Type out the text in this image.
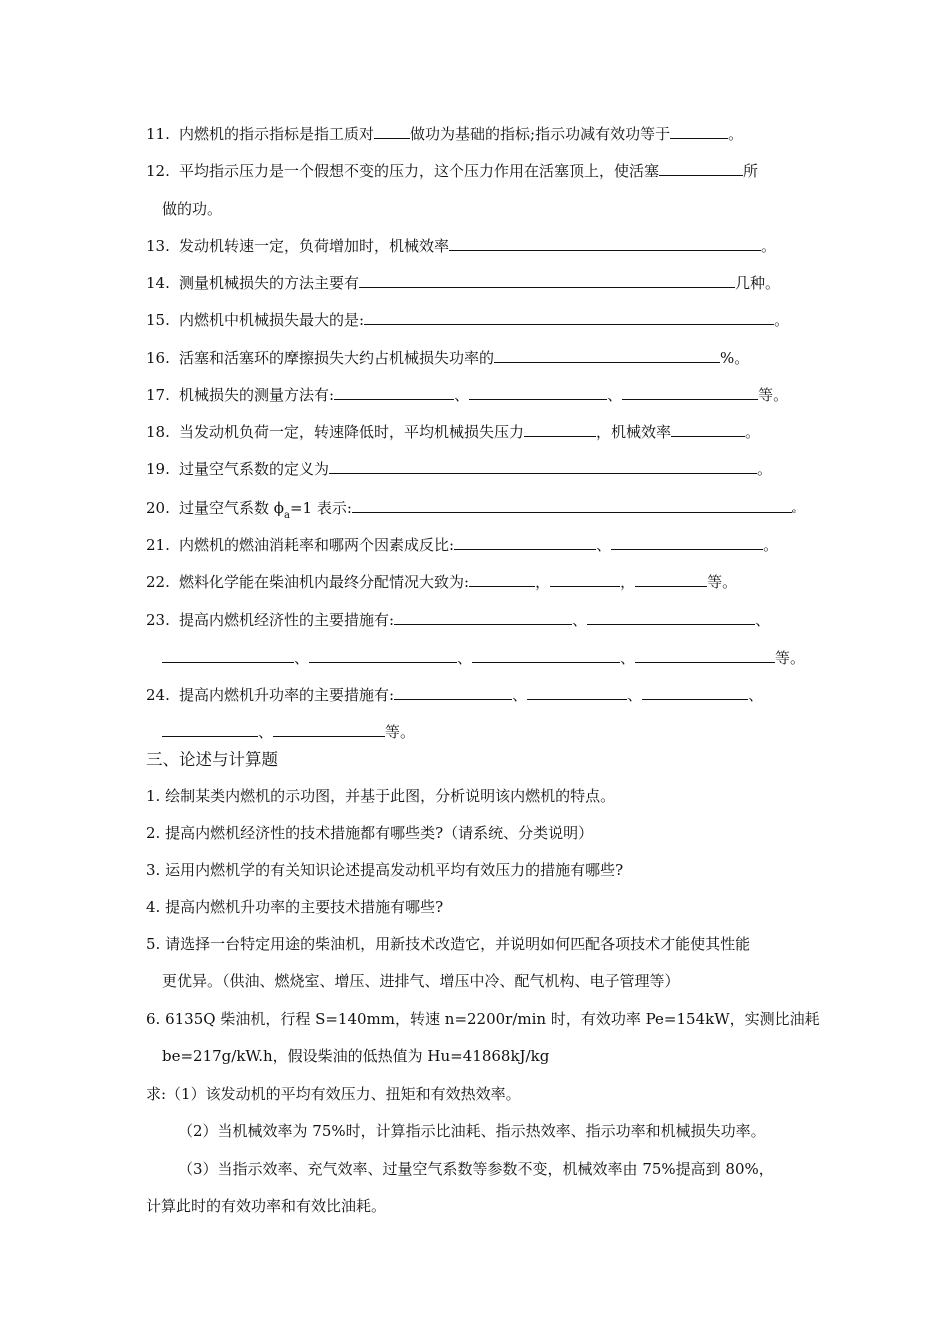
11. 内燃机的指示指标是指工质对 做功为基础的指标;指示功减有效功等于	。
12. 平均指示压力是一个假想不变的压力，这个压力作用在活塞顶上，使活塞	所
做的功。
13. 发动机转速一定，负荷增加时，机械效率	。
14. 测量机械损失的方法主要有	几种。
15. 内燃机中机械损失最大的是:	。
16. 活塞和活塞环的摩擦损失大约占机械损失功率的	%。
17. 机械损失的测量方法有:	、	、	等。
18. 当发动机负荷一定，转速降低时，平均机械损失压力	，机械效率	。
19. 过量空气系数的定义为	。
20. 过量空气系数 $\phi_a=1$ 表示:	ₑ
21. 内燃机的燃油消耗率和哪两个因素成反比:	、	。
22. 燃料化学能在柴油机内最终分配情况大致为:	，	，	等。
23. 提高内燃机经济性的主要措施有:	、	、
、	、	、	等。
24. 提高内燃机升功率的主要措施有:	、	、	、
、	等。
三、论述与计算题
1. 绘制某类内燃机的示功图，并基于此图，分析说明该内燃机的特点。
2. 提高内燃机经济性的技术措施都有哪些类?（请系统、分类说明）
3. 运用内燃机学的有关知识论述提高发动机平均有效压力的措施有哪些?
4. 提高内燃机升功率的主要技术措施有哪些?
5. 请选择一台特定用途的柴油机，用新技术改造它，并说明如何匹配各项技术才能使其性能
更优异。（供油、燃烧室、增压、进排气、增压中冷、配气机构、电子管理等）
6. 6135Q 柴油机，行程 S=140mm，转速 n=2200r/min 时，有效功率 Pe=154kW，实测比油耗
be=217g/kW.h，假设柴油的低热值为 Hu=41868kJ/kg
求:（1）该发动机的平均有效压力、扭矩和有效热效率。
（2）当机械效率为 75%时，计算指示比油耗、指示热效率、指示功率和机械损失功率。
（3）当指示效率、充气效率、过量空气系数等参数不变，机械效率由 75%提高到 80%，
计算此时的有效功率和有效比油耗。
